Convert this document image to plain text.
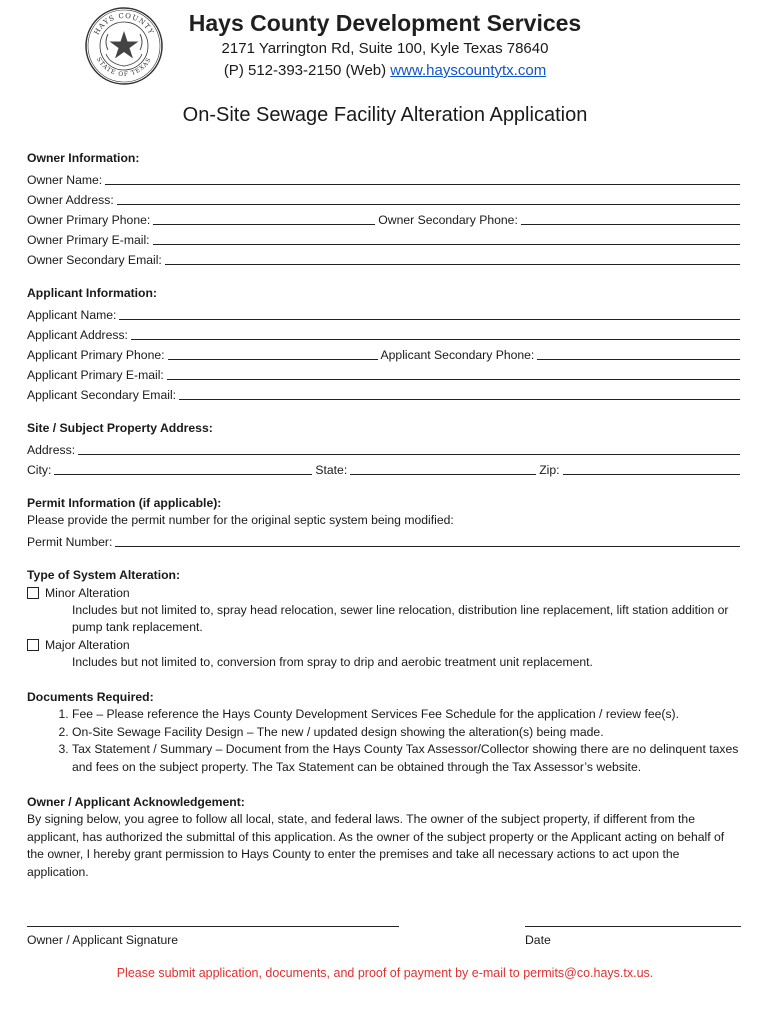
HAYS COUNTY
STATE OF TEXAS
Hays County Development Services
2171 Yarrington Rd, Suite 100, Kyle Texas 78640
(P) 512-393-2150 (Web) www.hayscountytx.com
On-Site Sewage Facility Alteration Application
Owner Information:
Owner Name:
Owner Address:
Owner Primary Phone:	Owner Secondary Phone:
Owner Primary E-mail:
Owner Secondary Email:
Applicant Information:
Applicant Name:
Applicant Address:
Applicant Primary Phone:	Applicant Secondary Phone:
Applicant Primary E-mail:
Applicant Secondary Email:
Site / Subject Property Address:
Address:
City:	State:	Zip:
Permit Information (if applicable):
Please provide the permit number for the original septic system being modified:
Permit Number:
Type of System Alteration:
Minor Alteration
Includes but not limited to, spray head relocation, sewer line relocation, distribution line replacement, lift station addition or pump tank replacement.
Major Alteration
Includes but not limited to, conversion from spray to drip and aerobic treatment unit replacement.
Documents Required:
1. Fee – Please reference the Hays County Development Services Fee Schedule for the application / review fee(s).
2. On-Site Sewage Facility Design – The new / updated design showing the alteration(s) being made.
3. Tax Statement / Summary – Document from the Hays County Tax Assessor/Collector showing there are no delinquent taxes and fees on the subject property. The Tax Statement can be obtained through the Tax Assessor’s website.
Owner / Applicant Acknowledgement:
By signing below, you agree to follow all local, state, and federal laws. The owner of the subject property, if different from the applicant, has authorized the submittal of this application. As the owner of the subject property or the Applicant acting on behalf of the owner, I hereby grant permission to Hays County to enter the premises and take all necessary actions to act upon the application.
Owner / Applicant Signature	Date
Please submit application, documents, and proof of payment by e-mail to permits@co.hays.tx.us.
